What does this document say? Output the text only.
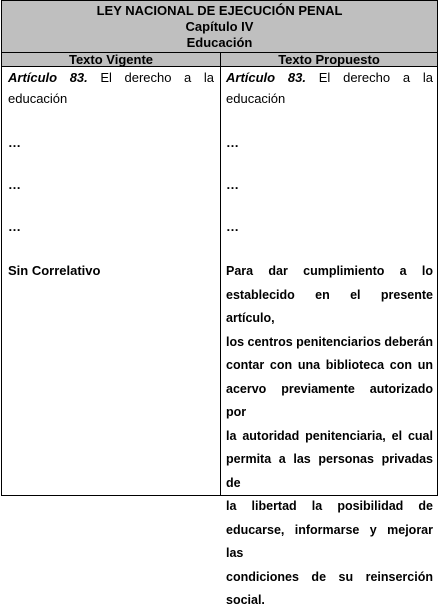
LEY NACIONAL DE EJECUCIÓN PENAL
Capítulo IV
Educación
Texto Vigente	Texto Propuesto
Artículo 83. El derecho a la
educación
…
…
…
Sin Correlativo
Artículo 83. El derecho a la
educación
…
…
…
Para dar cumplimiento a lo
establecido en el presente artículo,
los centros penitenciarios deberán
contar con una biblioteca con un
acervo previamente autorizado por
la autoridad penitenciaria, el cual
permita a las personas privadas de
la libertad la posibilidad de
educarse, informarse y mejorar las
condiciones de su reinserción
social.
